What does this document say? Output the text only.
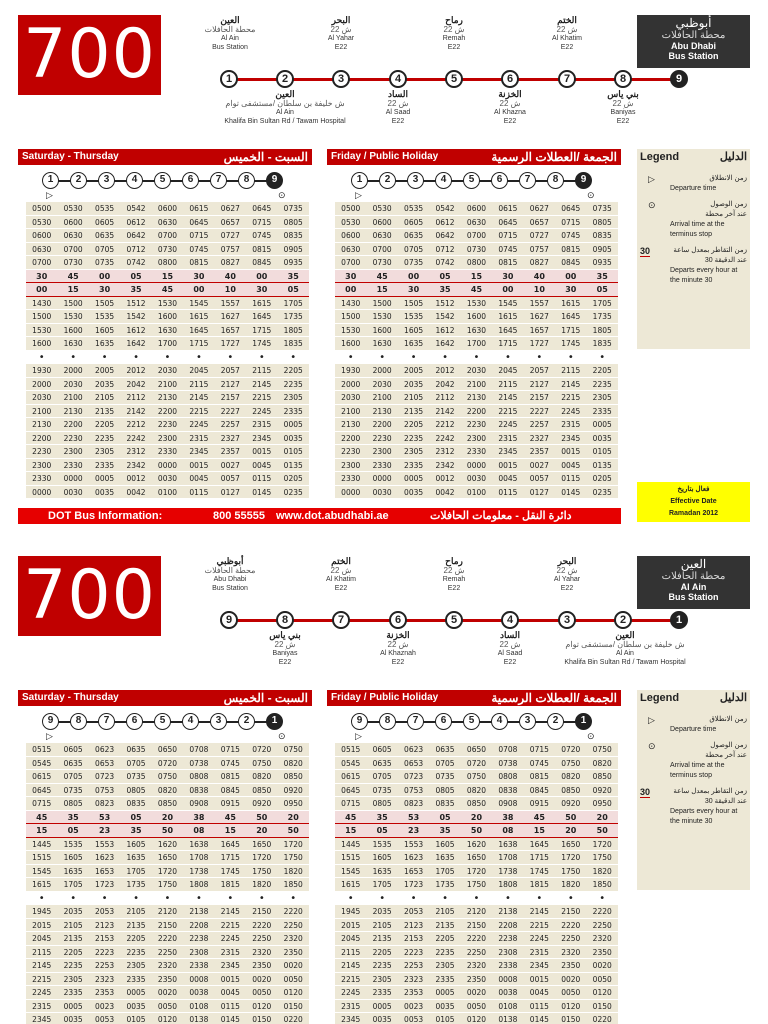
700	أبوظبي
محطة الحافلات
Abu Dhabi
Bus Station
العين
محطة الحافلات
Al Ain
Bus Station
البحر
ش 22
Al Yahar
E22
رماح
ش 22
Remah
E22
الختم
ش 22
Al Khatim
E22
1	2	3	4	5	6	7	8	9
العين
ش خليفة بن سلطان /مستشفى توام
Al Ain
Khalifa Bin Sultan Rd / Tawam Hospital
الساد
ش 22
Al Saad
E22
الخزنة
ش 22
Al Khazna
E22
بني ياس
ش 22
Baniyas
E22
Saturday - Thursday	السبت - الخميس
1	2	3	4	5	6	7	8	9
▷	⊙
0500	0530	0535	0542	0600	0615	0627	0645	0735
0530	0600	0605	0612	0630	0645	0657	0715	0805
0600	0630	0635	0642	0700	0715	0727	0745	0835
0630	0700	0705	0712	0730	0745	0757	0815	0905
0700	0730	0735	0742	0800	0815	0827	0845	0935
30	45	00	05	15	30	40	00	35
00	15	30	35	45	00	10	30	05
1430	1500	1505	1512	1530	1545	1557	1615	1705
1500	1530	1535	1542	1600	1615	1627	1645	1735
1530	1600	1605	1612	1630	1645	1657	1715	1805
1600	1630	1635	1642	1700	1715	1727	1745	1835
•	•	•	•	•	•	•	•	•
1930	2000	2005	2012	2030	2045	2057	2115	2205
2000	2030	2035	2042	2100	2115	2127	2145	2235
2030	2100	2105	2112	2130	2145	2157	2215	2305
2100	2130	2135	2142	2200	2215	2227	2245	2335
2130	2200	2205	2212	2230	2245	2257	2315	0005
2200	2230	2235	2242	2300	2315	2327	2345	0035
2230	2300	2305	2312	2330	2345	2357	0015	0105
2300	2330	2335	2342	0000	0015	0027	0045	0135
2330	0000	0005	0012	0030	0045	0057	0115	0205
0000	0030	0035	0042	0100	0115	0127	0145	0235
Friday / Public Holiday	الجمعة /العطلات الرسمية
1	2	3	4	5	6	7	8	9
▷	⊙
0500	0530	0535	0542	0600	0615	0627	0645	0735
0530	0600	0605	0612	0630	0645	0657	0715	0805
0600	0630	0635	0642	0700	0715	0727	0745	0835
0630	0700	0705	0712	0730	0745	0757	0815	0905
0700	0730	0735	0742	0800	0815	0827	0845	0935
30	45	00	05	15	30	40	00	35
00	15	30	35	45	00	10	30	05
1430	1500	1505	1512	1530	1545	1557	1615	1705
1500	1530	1535	1542	1600	1615	1627	1645	1735
1530	1600	1605	1612	1630	1645	1657	1715	1805
1600	1630	1635	1642	1700	1715	1727	1745	1835
•	•	•	•	•	•	•	•	•
1930	2000	2005	2012	2030	2045	2057	2115	2205
2000	2030	2035	2042	2100	2115	2127	2145	2235
2030	2100	2105	2112	2130	2145	2157	2215	2305
2100	2130	2135	2142	2200	2215	2227	2245	2335
2130	2200	2205	2212	2230	2245	2257	2315	0005
2200	2230	2235	2242	2300	2315	2327	2345	0035
2230	2300	2305	2312	2330	2345	2357	0015	0105
2300	2330	2335	2342	0000	0015	0027	0045	0135
2330	0000	0005	0012	0030	0045	0057	0115	0205
0000	0030	0035	0042	0100	0115	0127	0145	0235
Legend	الدليل
▷	زمن الانطلاق
Departure time
⊙	زمن الوصول
عند آخر محطة
Arrival time at the
terminus stop
30	زمن التقاطر بمعدل ساعة
عند الدقيقة 30
Departs every hour at
the minute 30
فعال بتاريخ
Effective Date
Ramadan 2012
DOT Bus Information:	800 55555 www.dot.abudhabi.ae	دائرة النقل - معلومات الحافلات
700	العين
محطة الحافلات
Al Ain
Bus Station
أبوظبي
محطة الحافلات
Abu Dhabi
Bus Station
الختم
ش 22
Al Khatim
E22
رماح
ش 22
Remah
E22
البحر
ش 22
Al Yahar
E22
9	8	7	6	5	4	3	2	1
بني ياس
ش 22
Baniyas
E22
الخزنة
ش 22
Al Khaznah
E22
الساد
ش 22
Al Saad
E22
العين
ش خليفة بن سلطان /مستشفى توام
Al Ain
Khalifa Bin Sultan Rd / Tawam Hospital
Saturday - Thursday	السبت - الخميس
9	8	7	6	5	4	3	2	1
▷	⊙
0515	0605	0623	0635	0650	0708	0715	0720	0750
0545	0635	0653	0705	0720	0738	0745	0750	0820
0615	0705	0723	0735	0750	0808	0815	0820	0850
0645	0735	0753	0805	0820	0838	0845	0850	0920
0715	0805	0823	0835	0850	0908	0915	0920	0950
45	35	53	05	20	38	45	50	20
15	05	23	35	50	08	15	20	50
1445	1535	1553	1605	1620	1638	1645	1650	1720
1515	1605	1623	1635	1650	1708	1715	1720	1750
1545	1635	1653	1705	1720	1738	1745	1750	1820
1615	1705	1723	1735	1750	1808	1815	1820	1850
•	•	•	•	•	•	•	•	•
1945	2035	2053	2105	2120	2138	2145	2150	2220
2015	2105	2123	2135	2150	2208	2215	2220	2250
2045	2135	2153	2205	2220	2238	2245	2250	2320
2115	2205	2223	2235	2250	2308	2315	2320	2350
2145	2235	2253	2305	2320	2338	2345	2350	0020
2215	2305	2323	2335	2350	0008	0015	0020	0050
2245	2335	2353	0005	0020	0038	0045	0050	0120
2315	0005	0023	0035	0050	0108	0115	0120	0150
2345	0035	0053	0105	0120	0138	0145	0150	0220
Friday / Public Holiday	الجمعة /العطلات الرسمية
9	8	7	6	5	4	3	2	1
▷	⊙
0515	0605	0623	0635	0650	0708	0715	0720	0750
0545	0635	0653	0705	0720	0738	0745	0750	0820
0615	0705	0723	0735	0750	0808	0815	0820	0850
0645	0735	0753	0805	0820	0838	0845	0850	0920
0715	0805	0823	0835	0850	0908	0915	0920	0950
45	35	53	05	20	38	45	50	20
15	05	23	35	50	08	15	20	50
1445	1535	1553	1605	1620	1638	1645	1650	1720
1515	1605	1623	1635	1650	1708	1715	1720	1750
1545	1635	1653	1705	1720	1738	1745	1750	1820
1615	1705	1723	1735	1750	1808	1815	1820	1850
•	•	•	•	•	•	•	•	•
1945	2035	2053	2105	2120	2138	2145	2150	2220
2015	2105	2123	2135	2150	2208	2215	2220	2250
2045	2135	2153	2205	2220	2238	2245	2250	2320
2115	2205	2223	2235	2250	2308	2315	2320	2350
2145	2235	2253	2305	2320	2338	2345	2350	0020
2215	2305	2323	2335	2350	0008	0015	0020	0050
2245	2335	2353	0005	0020	0038	0045	0050	0120
2315	0005	0023	0035	0050	0108	0115	0120	0150
2345	0035	0053	0105	0120	0138	0145	0150	0220
Legend	الدليل
▷	زمن الانطلاق
Departure time
⊙	زمن الوصول
عند آخر محطة
Arrival time at the
terminus stop
30	زمن التقاطر بمعدل ساعة
عند الدقيقة 30
Departs every hour at
the minute 30
